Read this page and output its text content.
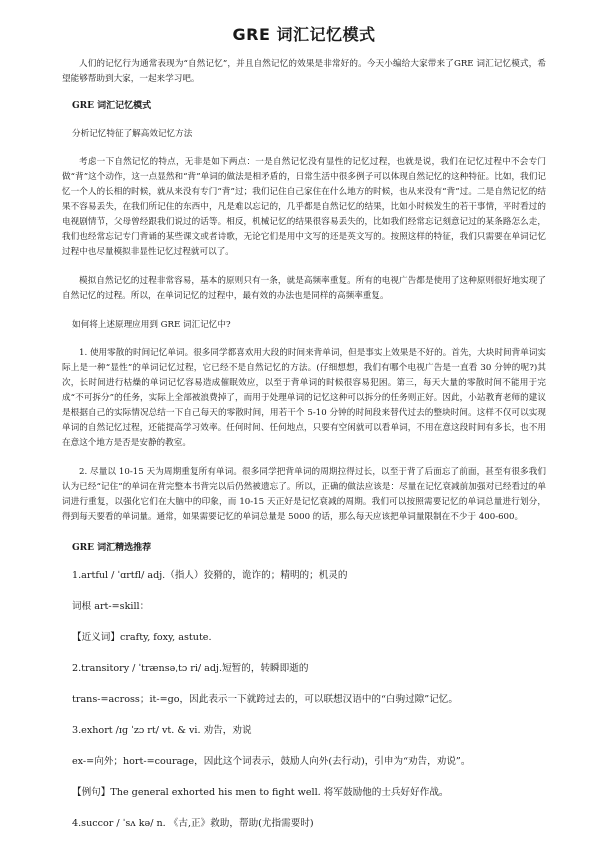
GRE 词汇记忆模式

人们的记忆行为通常表现为“自然记忆”，并且自然记忆的效果是非常好的。今天小编给大家带来了GRE 词汇记忆模式，希望能够帮助到大家，一起来学习吧。

GRE 词汇记忆模式
分析记忆特征了解高效记忆方法

考虑一下自然记忆的特点，无非是如下两点：一是自然记忆没有显性的记忆过程，也就是说，我们在记忆过程中不会专门做“背”这个动作，这一点显然和“背”单词的做法是相矛盾的，日常生活中很多例子可以体现自然记忆的这种特征。比如，我们记忆一个人的长相的时候，就从来没有专门“背”过；我们记住自己家住在什么地方的时候，也从来没有“背”过。二是自然记忆的结果不容易丢失，在我们所记住的东西中，凡是难以忘记的，几乎都是自然记忆的结果，比如小时候发生的若干事情，平时看过的电视剧情节，父母曾经跟我们说过的话等。相反，机械记忆的结果很容易丢失的，比如我们经常忘记刻意记过的某条路怎么走，我们也经常忘记专门背诵的某些课文或者诗歌，无论它们是用中文写的还是英文写的。按照这样的特征，我们只需要在单词记忆过程中也尽量模拟非显性记忆过程就可以了。

模拟自然记忆的过程非常容易，基本的原则只有一条，就是高频率重复。所有的电视广告都是使用了这种原则很好地实现了自然记忆的过程。所以，在单词记忆的过程中，最有效的办法也是同样的高频率重复。

如何将上述原理应用到 GRE 词汇记忆中?

1. 使用零散的时间记忆单词。很多同学都喜欢用大段的时间来背单词，但是事实上效果是不好的。首先，大块时间背单词实际上是一种“显性”的单词记忆过程，它已经不是自然记忆的方法。(仔细想想，我们有哪个电视广告是一直看 30 分钟的呢?)其次，长时间进行枯燥的单词记忆容易造成催眠效应，以至于背单词的时候很容易犯困。第三，每天大量的零散时间不能用于完成“不可拆分”的任务，实际上全部被浪费掉了，而用于处理单词的记忆这种可以拆分的任务则正好。因此，小站教育老师的建议是根据自己的实际情况总结一下自己每天的零散时间，用若干个 5-10 分钟的时间段来替代过去的整块时间。这样不仅可以实现单词的自然记忆过程，还能提高学习效率。任何时间、任何地点，只要有空闲就可以看单词，不用在意这段时间有多长，也不用在意这个地方是否是安静的教室。

2. 尽量以 10-15 天为周期重复所有单词。很多同学把背单词的周期拉得过长，以至于背了后面忘了前面，甚至有很多我们认为已经“记住”的单词在背完整本书背完以后仍然被遗忘了。所以，正确的做法应该是：尽量在记忆衰减前加强对已经看过的单词进行重复，以强化它们在大脑中的印象，而 10-15 天正好是记忆衰减的周期。我们可以按照需要记忆的单词总量进行划分，得到每天要看的单词量。通常，如果需要记忆的单词总量是 5000 的话，那么每天应该把单词量限制在不少于 400-600。

GRE 词汇精选推荐
1.artful / ˈɑrtfl/ adj.（指人）狡猾的，诡诈的；精明的；机灵的
词根 art-=skill：
【近义词】crafty, foxy, astute.
2.transitory / ˈtrænsəˌtɔ ri/ adj.短暂的，转瞬即逝的
trans-=across；it-=go，因此表示一下就跨过去的，可以联想汉语中的“白驹过隙”记忆。
3.exhort /ɪɡ ˈzɔ rt/ vt. & vi. 劝告，劝说
ex-=向外；hort-=courage，因此这个词表示，鼓励人向外(去行动)，引申为“劝告，劝说”。
【例句】The general exhorted his men to fight well. 将军鼓励他的士兵好好作战。
4.succor / ˈsʌ kə/ n. 《古,正》救助，帮助(尤指需要时)
